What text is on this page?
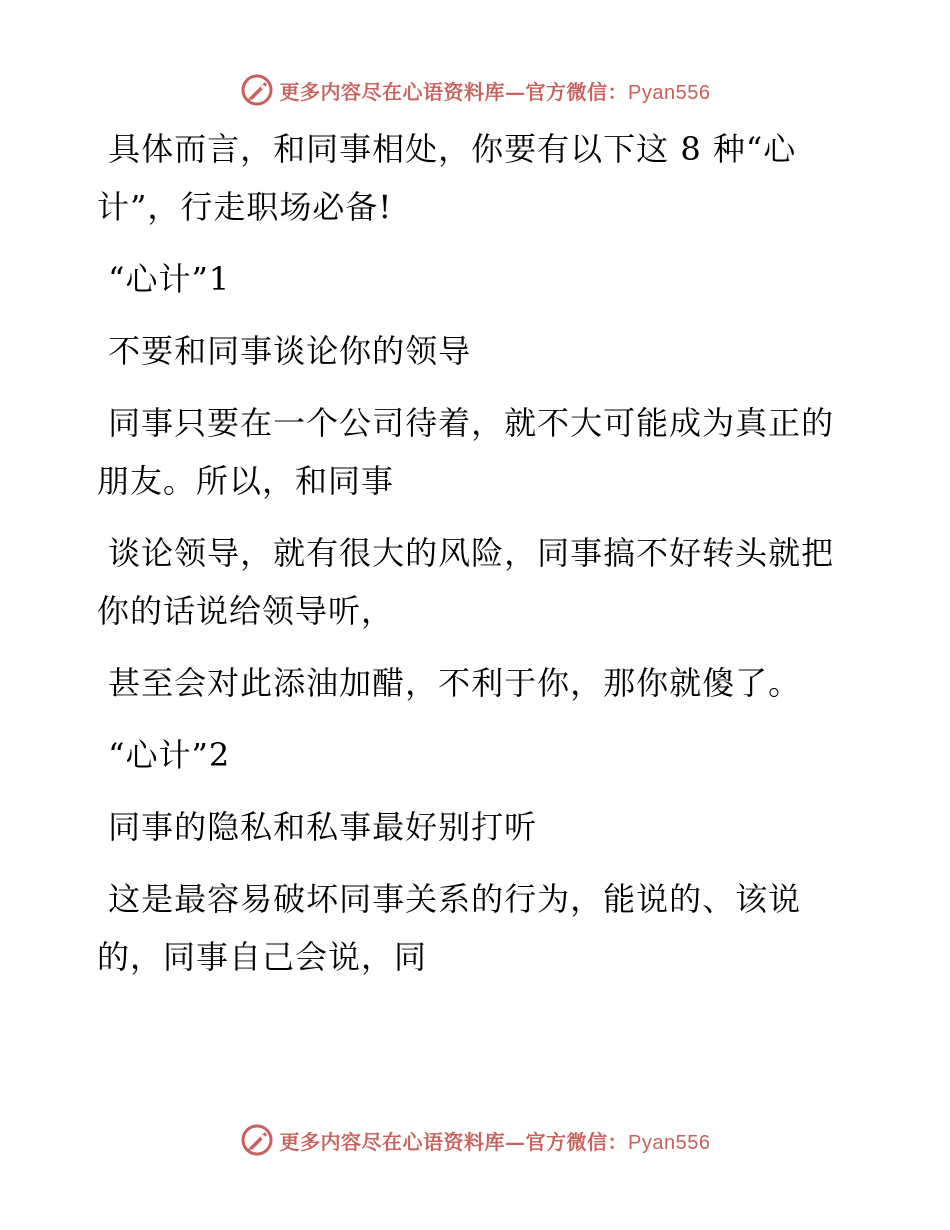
更多内容尽在心语资料库—官方微信：Pyan556

具体而言，和同事相处，你要有以下这 8 种“心计”，行走职场必备!

“心计”1

不要和同事谈论你的领导

同事只要在一个公司待着，就不大可能成为真正的朋友。所以，和同事

谈论领导，就有很大的风险，同事搞不好转头就把你的话说给领导听，

甚至会对此添油加醋，不利于你，那你就傻了。

“心计”2

同事的隐私和私事最好别打听

这是最容易破坏同事关系的行为，能说的、该说的，同事自己会说，同

更多内容尽在心语资料库—官方微信：Pyan556
